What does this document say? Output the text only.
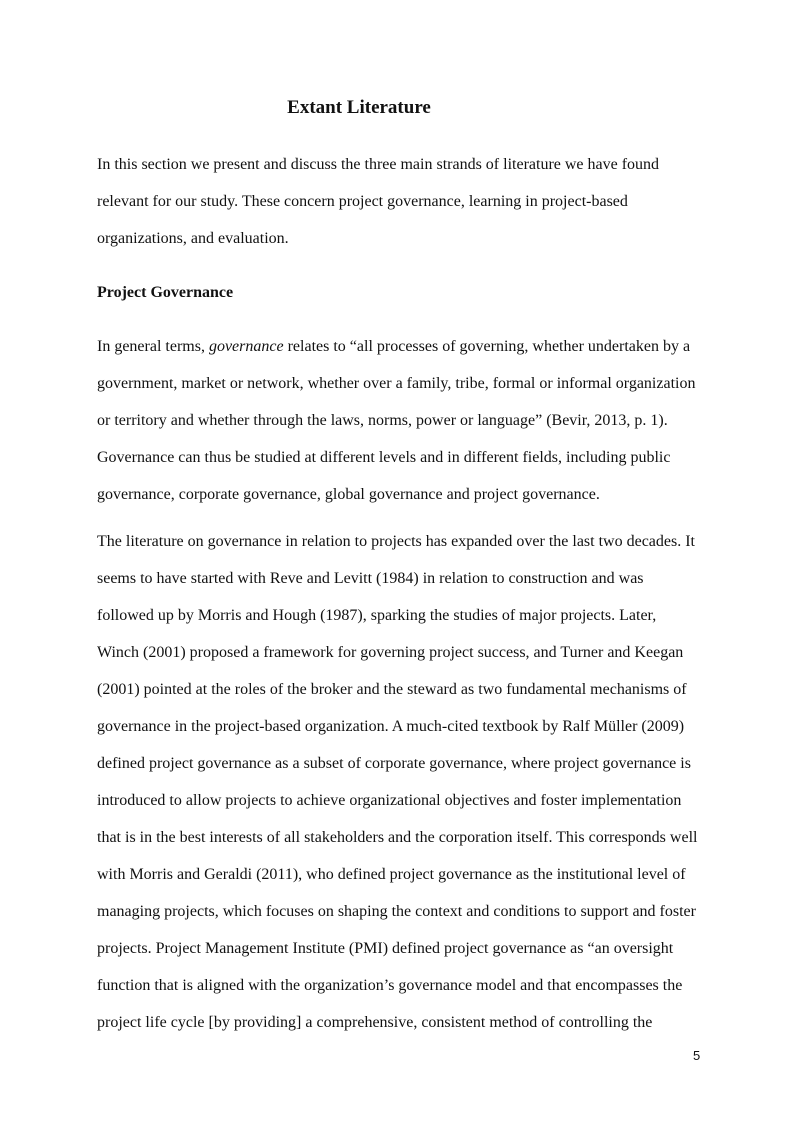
Extant Literature

In this section we present and discuss the three main strands of literature we have found

relevant for our study. These concern project governance, learning in project-based

organizations, and evaluation.

Project Governance

In general terms, governance relates to “all processes of governing, whether undertaken by a

government, market or network, whether over a family, tribe, formal or informal organization

or territory and whether through the laws, norms, power or language” (Bevir, 2013, p. 1).

Governance can thus be studied at different levels and in different fields, including public

governance, corporate governance, global governance and project governance.

The literature on governance in relation to projects has expanded over the last two decades. It

seems to have started with Reve and Levitt (1984) in relation to construction and was

followed up by Morris and Hough (1987), sparking the studies of major projects. Later,

Winch (2001) proposed a framework for governing project success, and Turner and Keegan

(2001) pointed at the roles of the broker and the steward as two fundamental mechanisms of

governance in the project-based organization. A much-cited textbook by Ralf Müller (2009)

defined project governance as a subset of corporate governance, where project governance is

introduced to allow projects to achieve organizational objectives and foster implementation

that is in the best interests of all stakeholders and the corporation itself. This corresponds well

with Morris and Geraldi (2011), who defined project governance as the institutional level of

managing projects, which focuses on shaping the context and conditions to support and foster

projects. Project Management Institute (PMI) defined project governance as “an oversight

function that is aligned with the organization’s governance model and that encompasses the

project life cycle [by providing] a comprehensive, consistent method of controlling the

5
